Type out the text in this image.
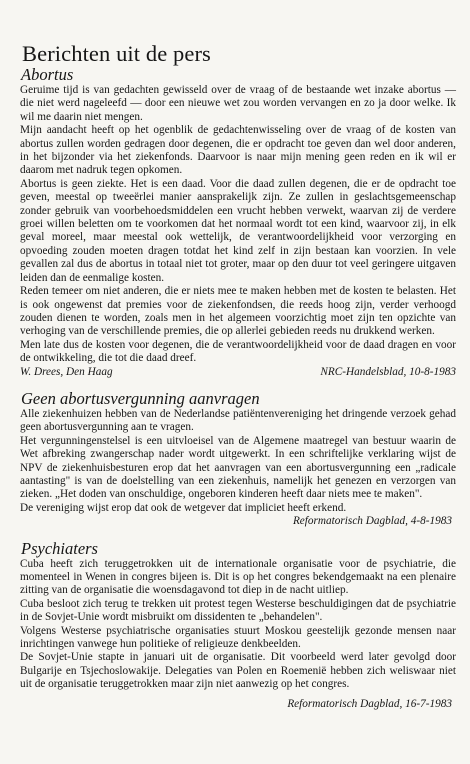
Berichten uit de pers
Abortus

Geruime tijd is van gedachten gewisseld over de vraag of de bestaande wet inzake abortus — die niet werd nageleefd — door een nieuwe wet zou worden vervangen en zo ja door welke. Ik wil me daarin niet mengen.

Mijn aandacht heeft op het ogenblik de gedachtenwisseling over de vraag of de kosten van abortus zullen worden gedragen door degenen, die er opdracht toe geven dan wel door anderen, in het bijzonder via het ziekenfonds. Daarvoor is naar mijn mening geen reden en ik wil er daarom met nadruk tegen opkomen.

Abortus is geen ziekte. Het is een daad. Voor die daad zullen degenen, die er de opdracht toe geven, meestal op tweeërlei manier aansprakelijk zijn. Ze zullen in geslachtsgemeenschap zonder gebruik van voorbehoedsmiddelen een vrucht hebben verwekt, waarvan zij de verdere groei willen beletten om te voorkomen dat het normaal wordt tot een kind, waarvoor zij, in elk geval moreel, maar meestal ook wettelijk, de verantwoordelijkheid voor verzorging en opvoeding zouden moeten dragen totdat het kind zelf in zijn bestaan kan voorzien. In vele gevallen zal dus de abortus in totaal niet tot groter, maar op den duur tot veel geringere uitgaven leiden dan de eenmalige kosten.

Reden temeer om niet anderen, die er niets mee te maken hebben met de kosten te belasten. Het is ook ongewenst dat premies voor de ziekenfondsen, die reeds hoog zijn, verder verhoogd zouden dienen te worden, zoals men in het algemeen voorzichtig moet zijn ten opzichte van verhoging van de verschillende premies, die op allerlei gebieden reeds nu drukkend werken.

Men late dus de kosten voor degenen, die de verantwoordelijkheid voor de daad dragen en voor de ontwikkeling, die tot die daad dreef.

W. Drees, Den Haag	NRC-Handelsblad, 10-8-1983
Geen abortusvergunning aanvragen

Alle ziekenhuizen hebben van de Nederlandse patiëntenvereniging het dringende verzoek gehad geen abortusvergunning aan te vragen.

Het vergunningenstelsel is een uitvloeisel van de Algemene maatregel van bestuur waarin de Wet afbreking zwangerschap nader wordt uitgewerkt. In een schriftelijke verklaring wijst de NPV de ziekenhuisbesturen erop dat het aanvragen van een abortusvergunning een „radicale aantasting" is van de doelstelling van een ziekenhuis, namelijk het genezen en verzorgen van zieken. „Het doden van onschuldige, ongeboren kinderen heeft daar niets mee te maken".

De vereniging wijst erop dat ook de wetgever dat impliciet heeft erkend.

Reformatorisch Dagblad, 4-8-1983
Psychiaters

Cuba heeft zich teruggetrokken uit de internationale organisatie voor de psychiatrie, die momenteel in Wenen in congres bijeen is. Dit is op het congres bekendgemaakt na een plenaire zitting van de organisatie die woensdagavond tot diep in de nacht uitliep.

Cuba besloot zich terug te trekken uit protest tegen Westerse beschuldigingen dat de psychiatrie in de Sovjet-Unie wordt misbruikt om dissidenten te „behandelen".

Volgens Westerse psychiatrische organisaties stuurt Moskou geestelijk gezonde mensen naar inrichtingen vanwege hun politieke of religieuze denkbeelden.

De Sovjet-Unie stapte in januari uit de organisatie. Dit voorbeeld werd later gevolgd door Bulgarije en Tsjechoslowakije. Delegaties van Polen en Roemenië hebben zich weliswaar niet uit de organisatie teruggetrokken maar zijn niet aanwezig op het congres.

Reformatorisch Dagblad, 16-7-1983
